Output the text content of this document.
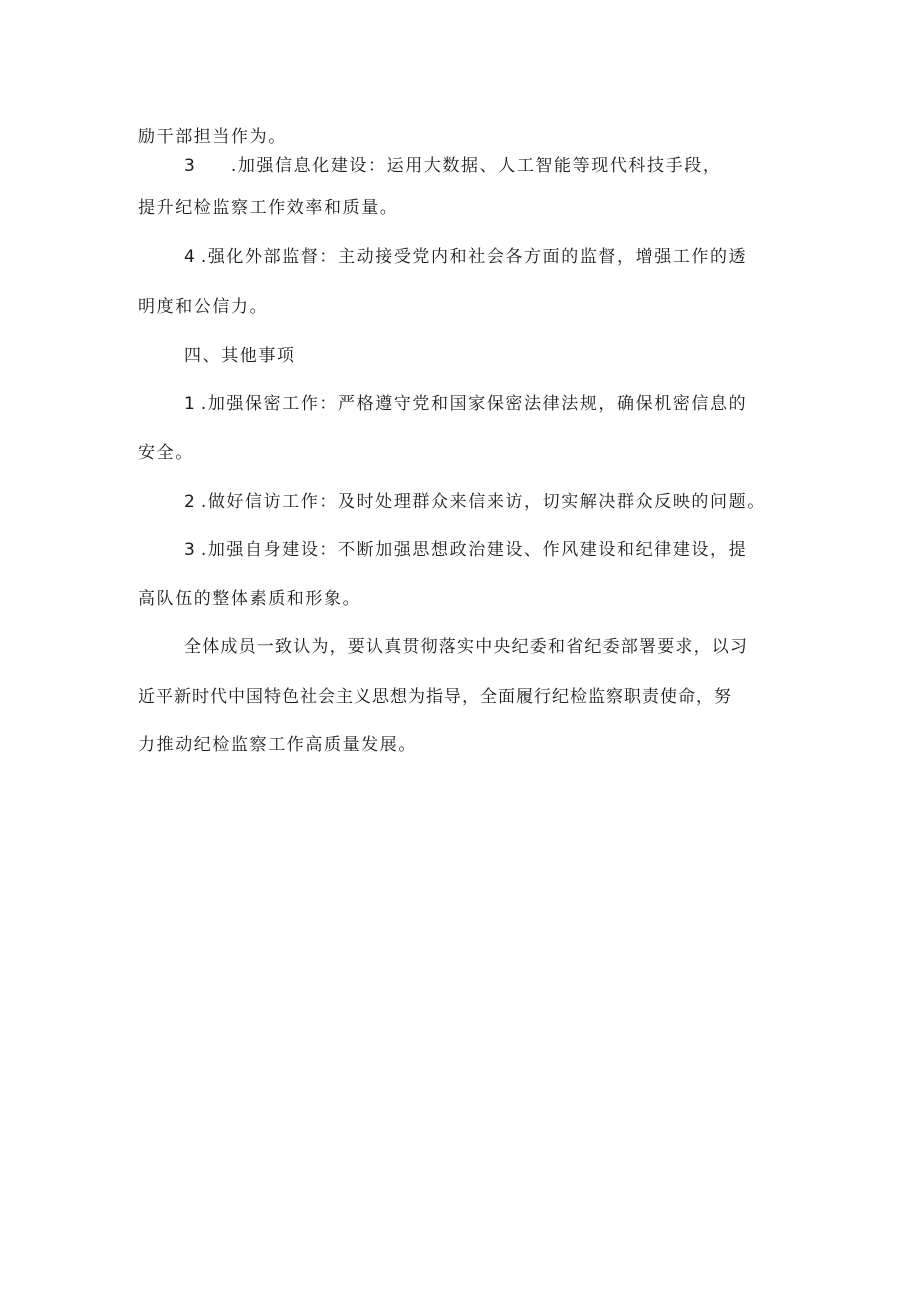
励干部担当作为。
3 .加强信息化建设：运用大数据、人工智能等现代科技手段，
提升纪检监察工作效率和质量。
4 .强化外部监督：主动接受党内和社会各方面的监督，增强工作的透
明度和公信力。
四、其他事项
1 .加强保密工作：严格遵守党和国家保密法律法规，确保机密信息的
安全。
2 .做好信访工作：及时处理群众来信来访，切实解决群众反映的问题。
3 .加强自身建设：不断加强思想政治建设、作风建设和纪律建设，提
高队伍的整体素质和形象。
全体成员一致认为，要认真贯彻落实中央纪委和省纪委部署要求，以习
近平新时代中国特色社会主义思想为指导，全面履行纪检监察职责使命，努
力推动纪检监察工作高质量发展。
